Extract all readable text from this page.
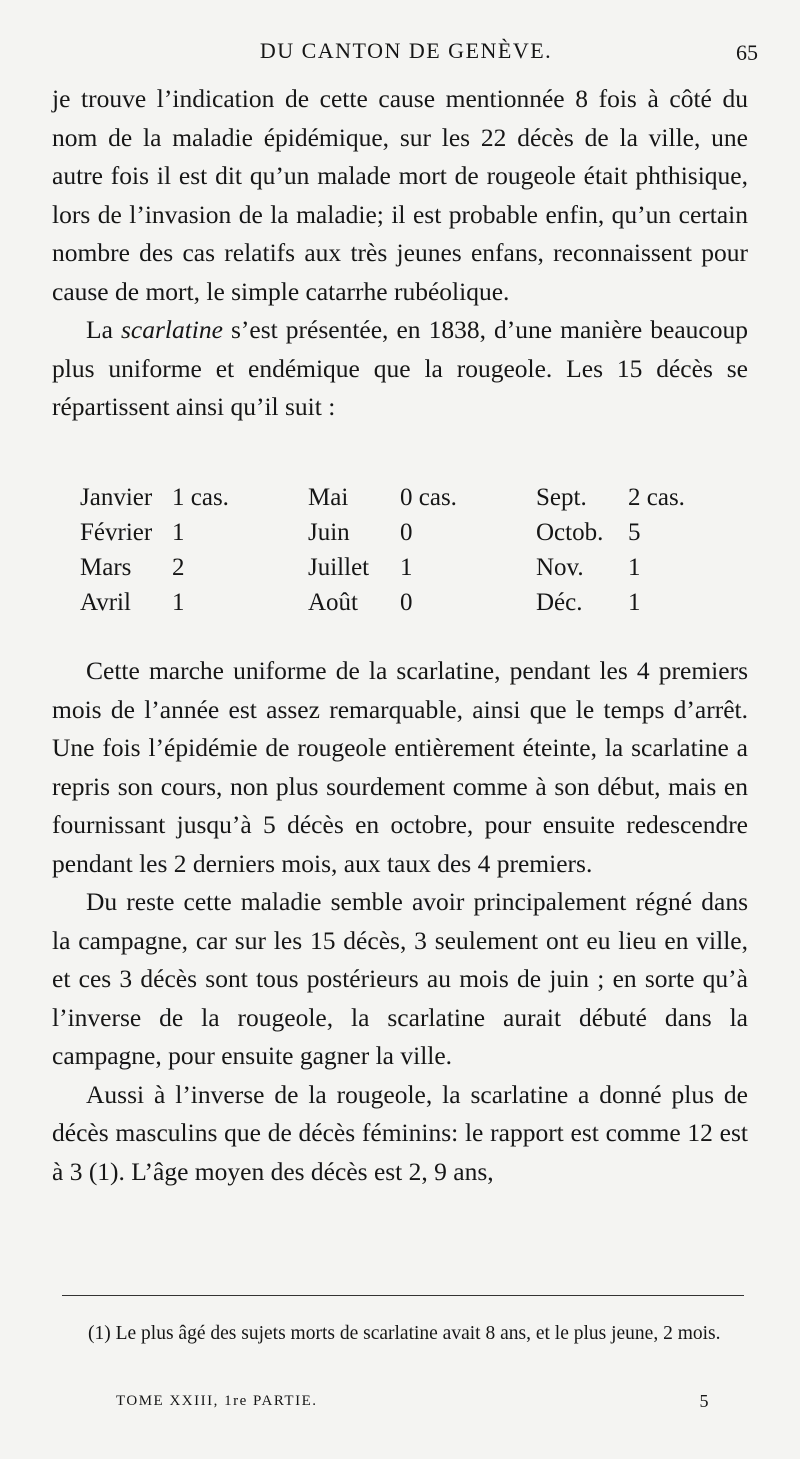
DU CANTON DE GENÈVE.	65

je trouve l’indication de cette cause mentionnée 8 fois à côté du nom de la maladie épidémique, sur les 22 décès de la ville, une autre fois il est dit qu’un malade mort de rougeole était phthisique, lors de l’invasion de la maladie; il est probable enfin, qu’un certain nombre des cas relatifs aux très jeunes enfans, reconnaissent pour cause de mort, le simple catarrhe rubéolique.

La scarlatine s’est présentée, en 1838, d’une manière beaucoup plus uniforme et endémique que la rougeole. Les 15 décès se répartissent ainsi qu’il suit :

Janvier 1 cas.	Mai	0 cas.	Sept.	2 cas.
Février 1	Juin	0	Octob. 5
Mars	2	Juillet	1	Nov.	1
Avril	1	Août	0	Déc.	1

Cette marche uniforme de la scarlatine, pendant les 4 premiers mois de l’année est assez remarquable, ainsi que le temps d’arrêt. Une fois l’épidémie de rougeole entièrement éteinte, la scarlatine a repris son cours, non plus sourdement comme à son début, mais en fournissant jusqu’à 5 décès en octobre, pour ensuite redescendre pendant les 2 derniers mois, aux taux des 4 premiers.

Du reste cette maladie semble avoir principalement régné dans la campagne, car sur les 15 décès, 3 seulement ont eu lieu en ville, et ces 3 décès sont tous postérieurs au mois de juin ; en sorte qu’à l’inverse de la rougeole, la scarlatine aurait débuté dans la campagne, pour ensuite gagner la ville.

Aussi à l’inverse de la rougeole, la scarlatine a donné plus de décès masculins que de décès féminins: le rapport est comme 12 est à 3 (1). L’âge moyen des décès est 2, 9 ans,

(1) Le plus âgé des sujets morts de scarlatine avait 8 ans, et le plus jeune, 2 mois.

TOME XXIII, 1re PARTIE.	5
